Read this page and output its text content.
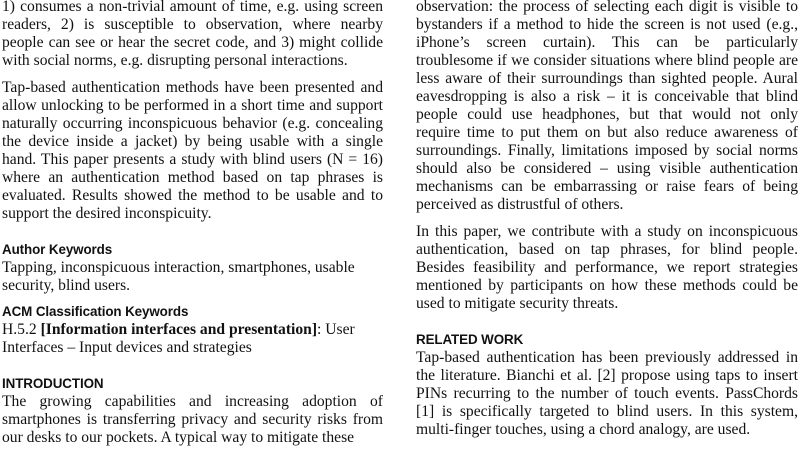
1) consumes a non-trivial amount of time, e.g. using screen readers, 2) is susceptible to observation, where nearby people can see or hear the secret code, and 3) might collide with social norms, e.g. disrupting personal interactions.

Tap-based authentication methods have been presented and allow unlocking to be performed in a short time and support naturally occurring inconspicuous behavior (e.g. concealing the device inside a jacket) by being usable with a single hand. This paper presents a study with blind users (N = 16) where an authentication method based on tap phrases is evaluated. Results showed the method to be usable and to support the desired inconspicuity.

Author Keywords

Tapping, inconspicuous interaction, smartphones, usable security, blind users.

ACM Classification Keywords

H.5.2 [Information interfaces and presentation]: User Interfaces – Input devices and strategies

INTRODUCTION

The growing capabilities and increasing adoption of smartphones is transferring privacy and security risks from our desks to our pockets. A typical way to mitigate these

observation: the process of selecting each digit is visible to bystanders if a method to hide the screen is not used (e.g., iPhone’s screen curtain). This can be particularly troublesome if we consider situations where blind people are less aware of their surroundings than sighted people. Aural eavesdropping is also a risk – it is conceivable that blind people could use headphones, but that would not only require time to put them on but also reduce awareness of surroundings. Finally, limitations imposed by social norms should also be considered – using visible authentication mechanisms can be embarrassing or raise fears of being perceived as distrustful of others.

In this paper, we contribute with a study on inconspicuous authentication, based on tap phrases, for blind people. Besides feasibility and performance, we report strategies mentioned by participants on how these methods could be used to mitigate security threats.

RELATED WORK

Tap-based authentication has been previously addressed in the literature. Bianchi et al. [2] propose using taps to insert PINs recurring to the number of touch events. PassChords [1] is specifically targeted to blind users. In this system, multi-finger touches, using a chord analogy, are used.
